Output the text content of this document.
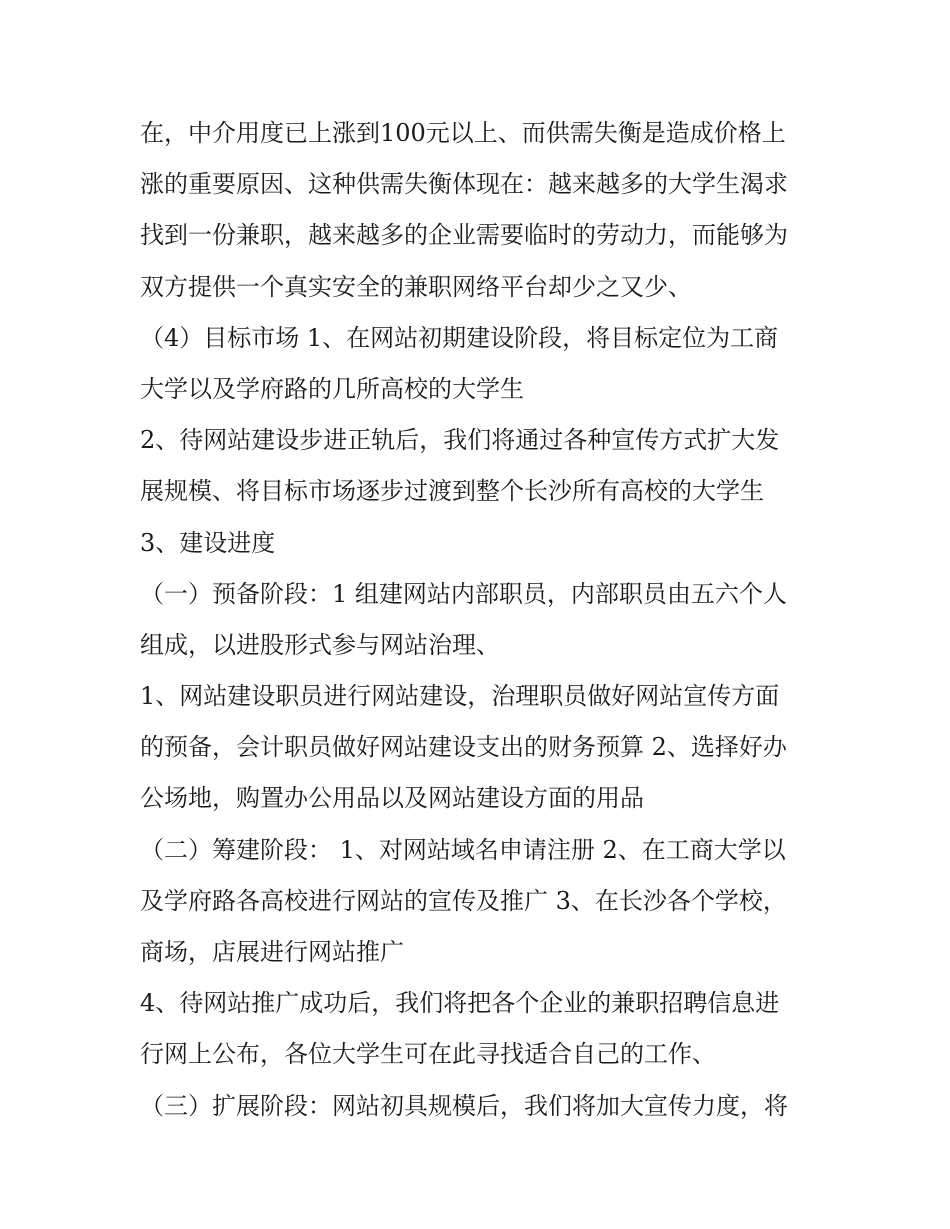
在，中介用度已上涨到100元以上、而供需失衡是造成价格上
涨的重要原因、这种供需失衡体现在：越来越多的大学生渴求
找到一份兼职，越来越多的企业需要临时的劳动力，而能够为
双方提供一个真实安全的兼职网络平台却少之又少、
（4）目标市场 1、在网站初期建设阶段，将目标定位为工商
大学以及学府路的几所高校的大学生
2、待网站建设步进正轨后，我们将通过各种宣传方式扩大发
展规模、将目标市场逐步过渡到整个长沙所有高校的大学生
3、建设进度
（一）预备阶段：1 组建网站内部职员，内部职员由五六个人
组成，以进股形式参与网站治理、
1、网站建设职员进行网站建设，治理职员做好网站宣传方面
的预备，会计职员做好网站建设支出的财务预算 2、选择好办
公场地，购置办公用品以及网站建设方面的用品
（二）筹建阶段： 1、对网站域名申请注册 2、在工商大学以
及学府路各高校进行网站的宣传及推广 3、在长沙各个学校，
商场，店展进行网站推广
4、待网站推广成功后，我们将把各个企业的兼职招聘信息进
行网上公布，各位大学生可在此寻找适合自己的工作、
（三）扩展阶段：网站初具规模后，我们将加大宣传力度，将
